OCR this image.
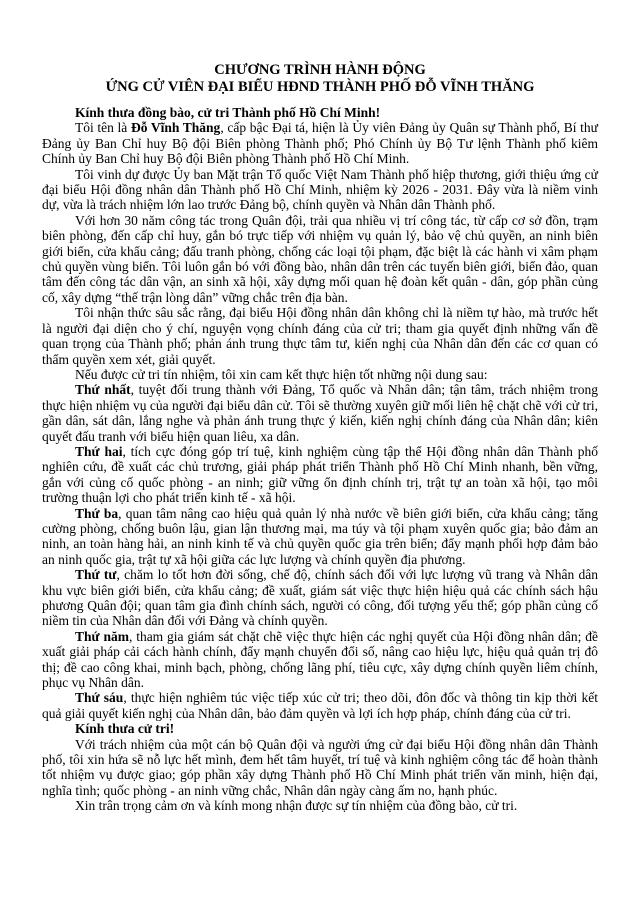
CHƯƠNG TRÌNH HÀNH ĐỘNG
ỨNG CỬ VIÊN ĐẠI BIỂU HĐND THÀNH PHỐ ĐỖ VĨNH THĂNG

Kính thưa đồng bào, cử tri Thành phố Hồ Chí Minh!

Tôi tên là Đỗ Vĩnh Thăng, cấp bậc Đại tá, hiện là Ủy viên Đảng ủy Quân sự Thành phố, Bí thư Đảng ủy Ban Chỉ huy Bộ đội Biên phòng Thành phố; Phó Chính ủy Bộ Tư lệnh Thành phố kiêm Chính ủy Ban Chỉ huy Bộ đội Biên phòng Thành phố Hồ Chí Minh.

Tôi vinh dự được Ủy ban Mặt trận Tổ quốc Việt Nam Thành phố hiệp thương, giới thiệu ứng cử đại biểu Hội đồng nhân dân Thành phố Hồ Chí Minh, nhiệm kỳ 2026 - 2031. Đây vừa là niềm vinh dự, vừa là trách nhiệm lớn lao trước Đảng bộ, chính quyền và Nhân dân Thành phố.

Với hơn 30 năm công tác trong Quân đội, trải qua nhiều vị trí công tác, từ cấp cơ sở đồn, trạm biên phòng, đến cấp chỉ huy, gắn bó trực tiếp với nhiệm vụ quản lý, bảo vệ chủ quyền, an ninh biên giới biển, cửa khẩu cảng; đấu tranh phòng, chống các loại tội phạm, đặc biệt là các hành vi xâm phạm chủ quyền vùng biển. Tôi luôn gắn bó với đồng bào, nhân dân trên các tuyến biên giới, biển đảo, quan tâm đến công tác dân vận, an sinh xã hội, xây dựng mối quan hệ đoàn kết quân - dân, góp phần củng cố, xây dựng “thế trận lòng dân” vững chắc trên địa bàn.

Tôi nhận thức sâu sắc rằng, đại biểu Hội đồng nhân dân không chỉ là niềm tự hào, mà trước hết là người đại diện cho ý chí, nguyện vọng chính đáng của cử tri; tham gia quyết định những vấn đề quan trọng của Thành phố; phản ánh trung thực tâm tư, kiến nghị của Nhân dân đến các cơ quan có thẩm quyền xem xét, giải quyết.

Nếu được cử tri tín nhiệm, tôi xin cam kết thực hiện tốt những nội dung sau:

Thứ nhất, tuyệt đối trung thành với Đảng, Tổ quốc và Nhân dân; tận tâm, trách nhiệm trong thực hiện nhiệm vụ của người đại biểu dân cử. Tôi sẽ thường xuyên giữ mối liên hệ chặt chẽ với cử tri, gần dân, sát dân, lắng nghe và phản ánh trung thực ý kiến, kiến nghị chính đáng của Nhân dân; kiên quyết đấu tranh với biểu hiện quan liêu, xa dân.

Thứ hai, tích cực đóng góp trí tuệ, kinh nghiệm cùng tập thể Hội đồng nhân dân Thành phố nghiên cứu, đề xuất các chủ trương, giải pháp phát triển Thành phố Hồ Chí Minh nhanh, bền vững, gắn với củng cố quốc phòng - an ninh; giữ vững ổn định chính trị, trật tự an toàn xã hội, tạo môi trường thuận lợi cho phát triển kinh tế - xã hội.

Thứ ba, quan tâm nâng cao hiệu quả quản lý nhà nước về biên giới biển, cửa khẩu cảng; tăng cường phòng, chống buôn lậu, gian lận thương mại, ma túy và tội phạm xuyên quốc gia; bảo đảm an ninh, an toàn hàng hải, an ninh kinh tế và chủ quyền quốc gia trên biển; đẩy mạnh phối hợp đảm bảo an ninh quốc gia, trật tự xã hội giữa các lực lượng và chính quyền địa phương.

Thứ tư, chăm lo tốt hơn đời sống, chế độ, chính sách đối với lực lượng vũ trang và Nhân dân khu vực biên giới biển, cửa khẩu cảng; đề xuất, giám sát việc thực hiện hiệu quả các chính sách hậu phương Quân đội; quan tâm gia đình chính sách, người có công, đối tượng yếu thế; góp phần củng cố niềm tin của Nhân dân đối với Đảng và chính quyền.

Thứ năm, tham gia giám sát chặt chẽ việc thực hiện các nghị quyết của Hội đồng nhân dân; đề xuất giải pháp cải cách hành chính, đẩy mạnh chuyển đổi số, nâng cao hiệu lực, hiệu quả quản trị đô thị; đề cao công khai, minh bạch, phòng, chống lãng phí, tiêu cực, xây dựng chính quyền liêm chính, phục vụ Nhân dân.

Thứ sáu, thực hiện nghiêm túc việc tiếp xúc cử tri; theo dõi, đôn đốc và thông tin kịp thời kết quả giải quyết kiến nghị của Nhân dân, bảo đảm quyền và lợi ích hợp pháp, chính đáng của cử tri.

Kính thưa cử tri!

Với trách nhiệm của một cán bộ Quân đội và người ứng cử đại biểu Hội đồng nhân dân Thành phố, tôi xin hứa sẽ nỗ lực hết mình, đem hết tâm huyết, trí tuệ và kinh nghiệm công tác để hoàn thành tốt nhiệm vụ được giao; góp phần xây dựng Thành phố Hồ Chí Minh phát triển văn minh, hiện đại, nghĩa tình; quốc phòng - an ninh vững chắc, Nhân dân ngày càng ấm no, hạnh phúc.

Xin trân trọng cảm ơn và kính mong nhận được sự tín nhiệm của đồng bào, cử tri.
